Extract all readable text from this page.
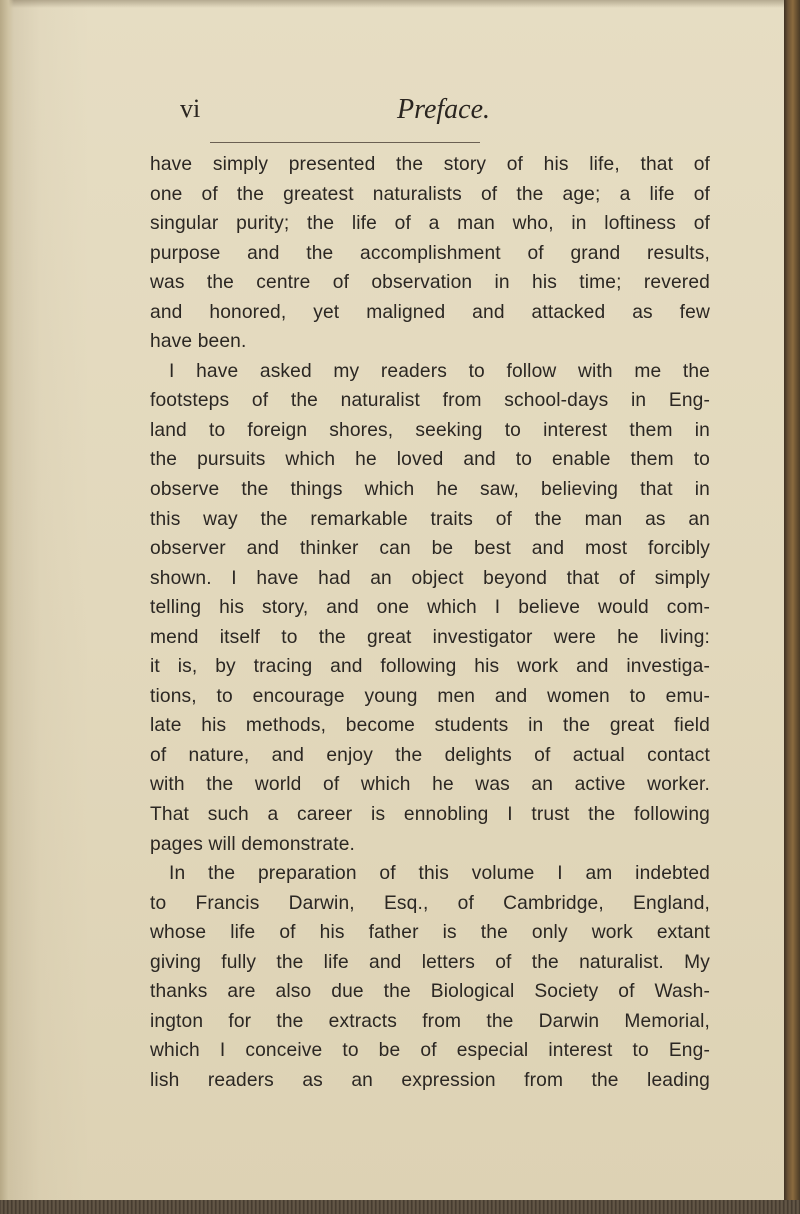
vi	Preface.
have simply presented the story of his life, that of
one of the greatest naturalists of the age; a life of
singular purity; the life of a man who, in loftiness of
purpose and the accomplishment of grand results,
was the centre of observation in his time; revered
and honored, yet maligned and attacked as few
have been.
I have asked my readers to follow with me the
footsteps of the naturalist from school-days in Eng-
land to foreign shores, seeking to interest them in
the pursuits which he loved and to enable them to
observe the things which he saw, believing that in
this way the remarkable traits of the man as an
observer and thinker can be best and most forcibly
shown. I have had an object beyond that of simply
telling his story, and one which I believe would com-
mend itself to the great investigator were he living:
it is, by tracing and following his work and investiga-
tions, to encourage young men and women to emu-
late his methods, become students in the great field
of nature, and enjoy the delights of actual contact
with the world of which he was an active worker.
That such a career is ennobling I trust the following
pages will demonstrate.
In the preparation of this volume I am indebted
to Francis Darwin, Esq., of Cambridge, England,
whose life of his father is the only work extant
giving fully the life and letters of the naturalist. My
thanks are also due the Biological Society of Wash-
ington for the extracts from the Darwin Memorial,
which I conceive to be of especial interest to Eng-
lish readers as an expression from the leading
